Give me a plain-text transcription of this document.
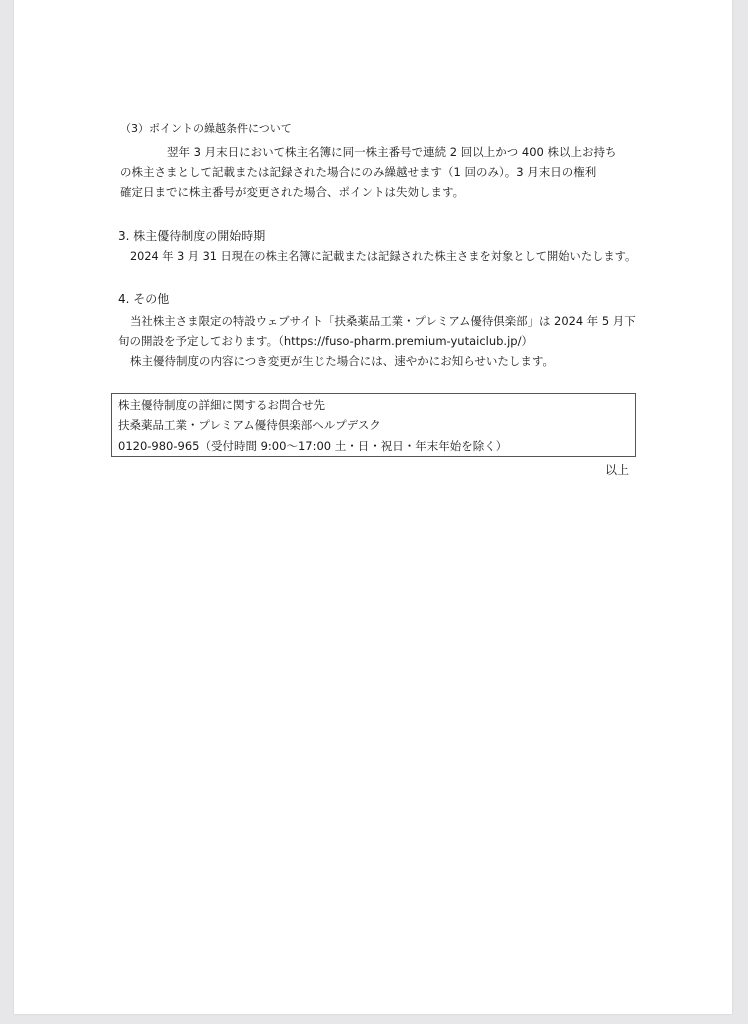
（3）ポイントの繰越条件について
翌年 3 月末日において株主名簿に同一株主番号で連続 2 回以上かつ 400 株以上お持ち
の株主さまとして記載または記録された場合にのみ繰越せます（1 回のみ）。3 月末日の権利
確定日までに株主番号が変更された場合、ポイントは失効します。
3. 株主優待制度の開始時期
2024 年 3 月 31 日現在の株主名簿に記載または記録された株主さまを対象として開始いたします。
4. その他
当社株主さま限定の特設ウェブサイト「扶桑薬品工業・プレミアム優待倶楽部」は 2024 年 5 月下
旬の開設を予定しております。（https://fuso-pharm.premium-yutaiclub.jp/）
株主優待制度の内容につき変更が生じた場合には、速やかにお知らせいたします。
株主優待制度の詳細に関するお問合せ先
扶桑薬品工業・プレミアム優待倶楽部ヘルプデスク
0120-980-965（受付時間 9:00～17:00 土・日・祝日・年末年始を除く）
以上
